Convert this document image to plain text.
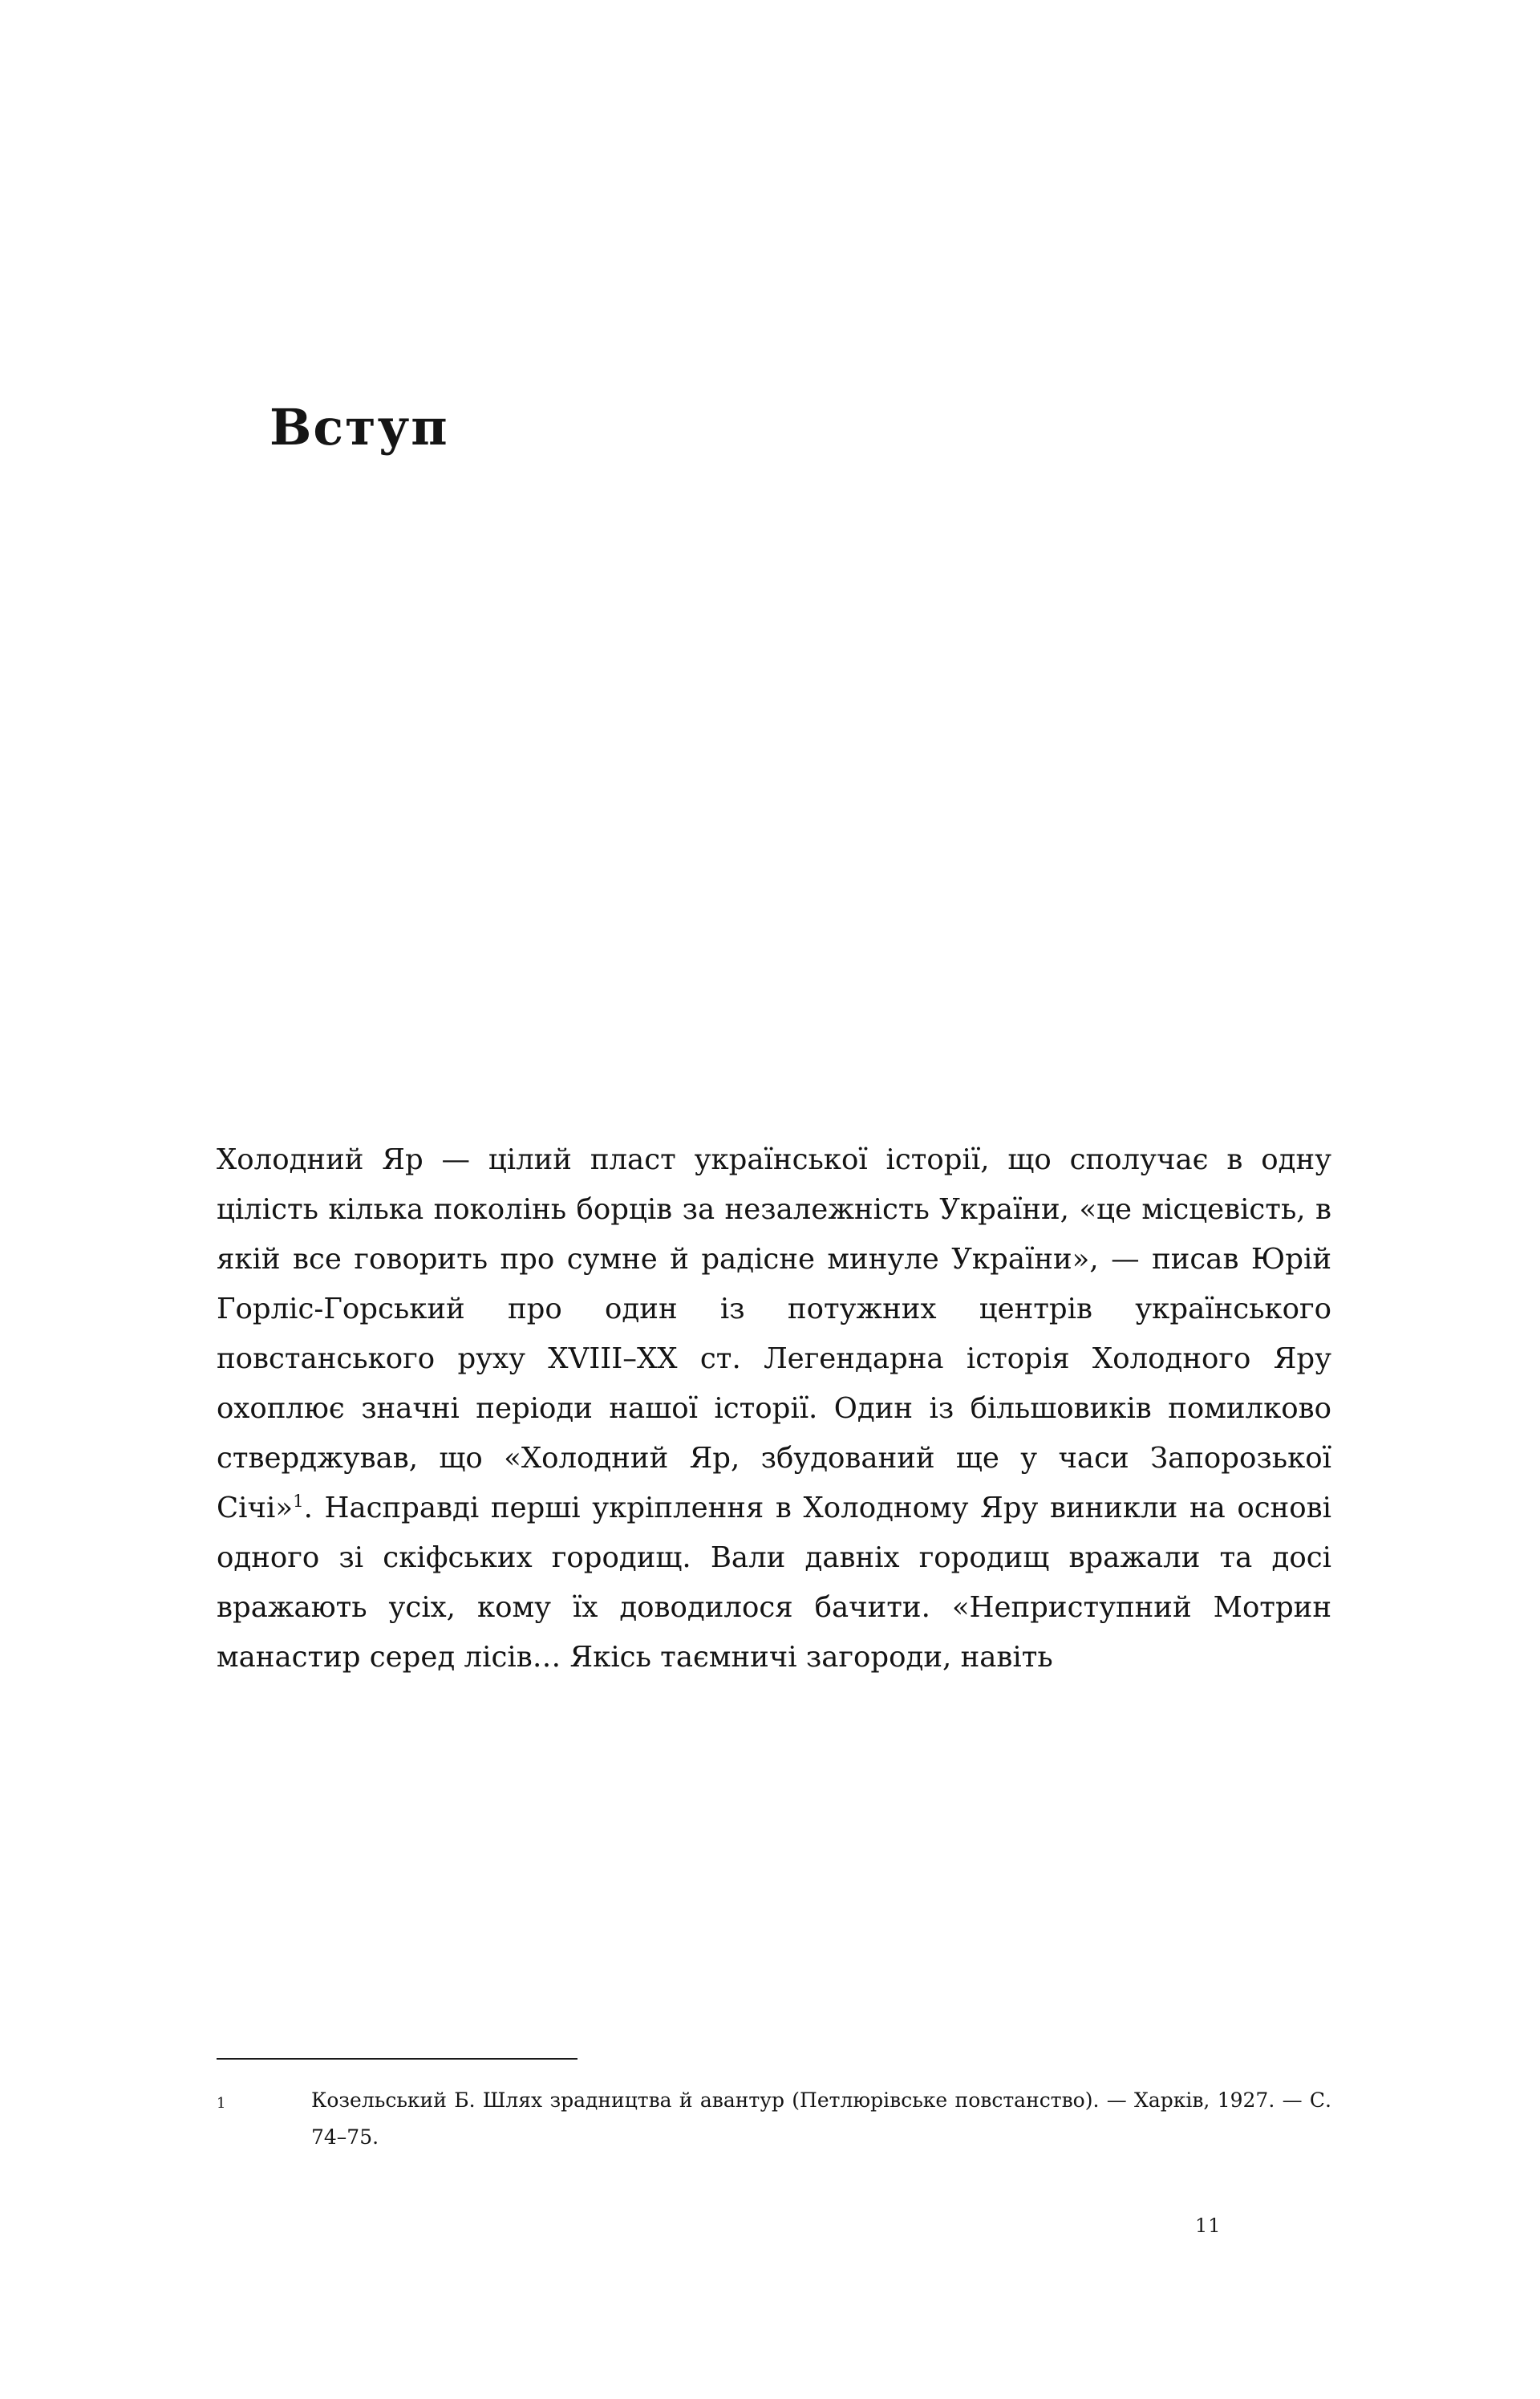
Вступ

Холодний Яр — цілий пласт української історії, що сполучає в одну цілість кілька поколінь борців за незалежність України, «це місцевість, в якій все говорить про сумне й радісне минуле України», — писав Юрій Горліс-Горський про один із потужних центрів українського повстанського руху XVIII–XX ст. Легендарна історія Холодного Яру охоплює значні періоди нашої історії. Один із більшовиків помилково стверджував, що «Холодний Яр, збудований ще у часи Запорозької Січі»$^1$. Насправді перші укріплення в Холодному Яру виникли на основі одного зі скіфських городищ. Вали давніх городищ вражали та досі вражають усіх, кому їх доводилося бачити. «Неприступний Мотрин манастир серед лісів… Якісь таємничі загороди, навіть

1	Козельський Б. Шлях зрадництва й авантур (Петлюрівське повстанство). — Харків, 1927. — С. 74–75.
11
